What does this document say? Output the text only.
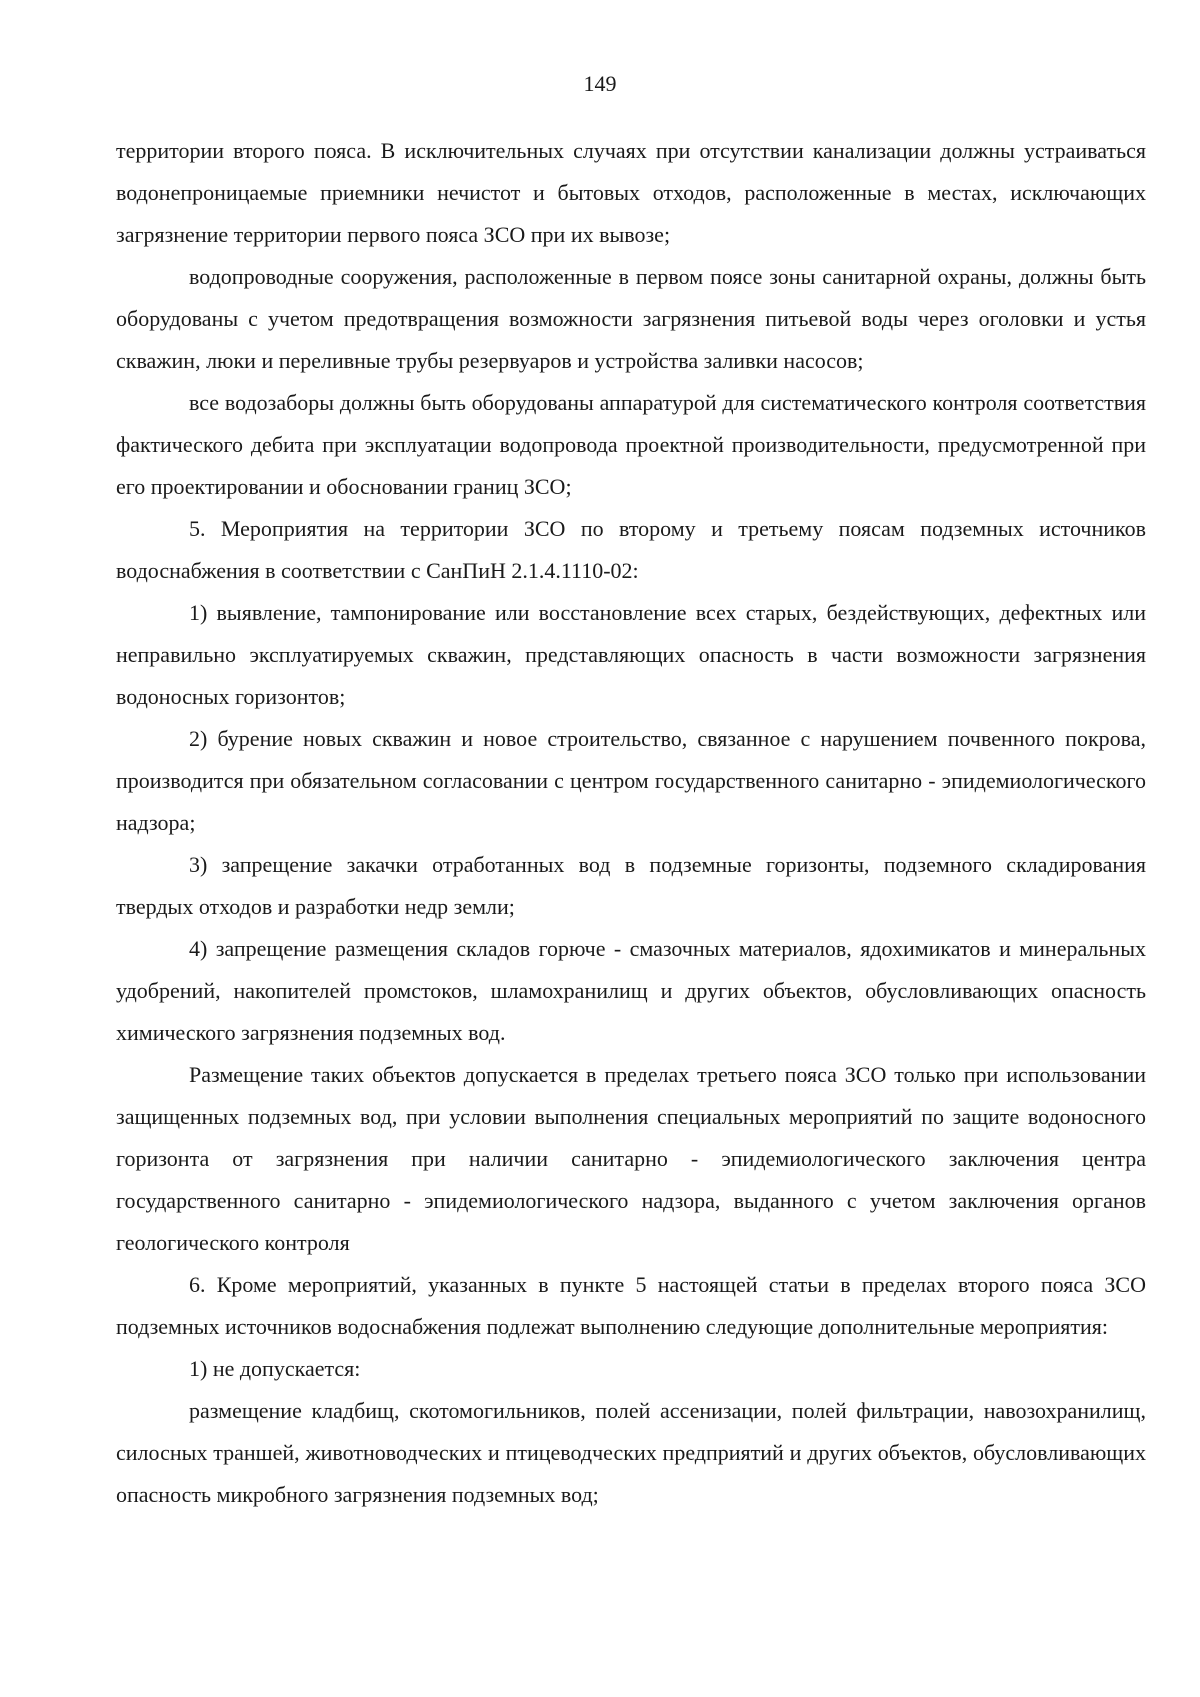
149

территории второго пояса. В исключительных случаях при отсутствии канализации должны устраиваться водонепроницаемые приемники нечистот и бытовых отходов, расположенные в местах, исключающих загрязнение территории первого пояса ЗСО при их вывозе;

водопроводные сооружения, расположенные в первом поясе зоны санитарной охраны, должны быть оборудованы с учетом предотвращения возможности загрязнения питьевой воды через оголовки и устья скважин, люки и переливные трубы резервуаров и устройства заливки насосов;

все водозаборы должны быть оборудованы аппаратурой для систематического контроля соответствия фактического дебита при эксплуатации водопровода проектной производительности, предусмотренной при его проектировании и обосновании границ ЗСО;

5. Мероприятия на территории ЗСО по второму и третьему поясам подземных источников водоснабжения в соответствии с СанПиН 2.1.4.1110-02:

1) выявление, тампонирование или восстановление всех старых, бездействующих, дефектных или неправильно эксплуатируемых скважин, представляющих опасность в части возможности загрязнения водоносных горизонтов;

2) бурение новых скважин и новое строительство, связанное с нарушением почвенного покрова, производится при обязательном согласовании с центром государственного санитарно - эпидемиологического надзора;

3) запрещение закачки отработанных вод в подземные горизонты, подземного складирования твердых отходов и разработки недр земли;

4) запрещение размещения складов горюче - смазочных материалов, ядохимикатов и минеральных удобрений, накопителей промстоков, шламохранилищ и других объектов, обусловливающих опасность химического загрязнения подземных вод.

Размещение таких объектов допускается в пределах третьего пояса ЗСО только при использовании защищенных подземных вод, при условии выполнения специальных мероприятий по защите водоносного горизонта от загрязнения при наличии санитарно - эпидемиологического заключения центра государственного санитарно - эпидемиологического надзора, выданного с учетом заключения органов геологического контроля

6. Кроме мероприятий, указанных в пункте 5 настоящей статьи в пределах второго пояса ЗСО подземных источников водоснабжения подлежат выполнению следующие дополнительные мероприятия:

1) не допускается:

размещение кладбищ, скотомогильников, полей ассенизации, полей фильтрации, навозохранилищ, силосных траншей, животноводческих и птицеводческих предприятий и других объектов, обусловливающих опасность микробного загрязнения подземных вод;
